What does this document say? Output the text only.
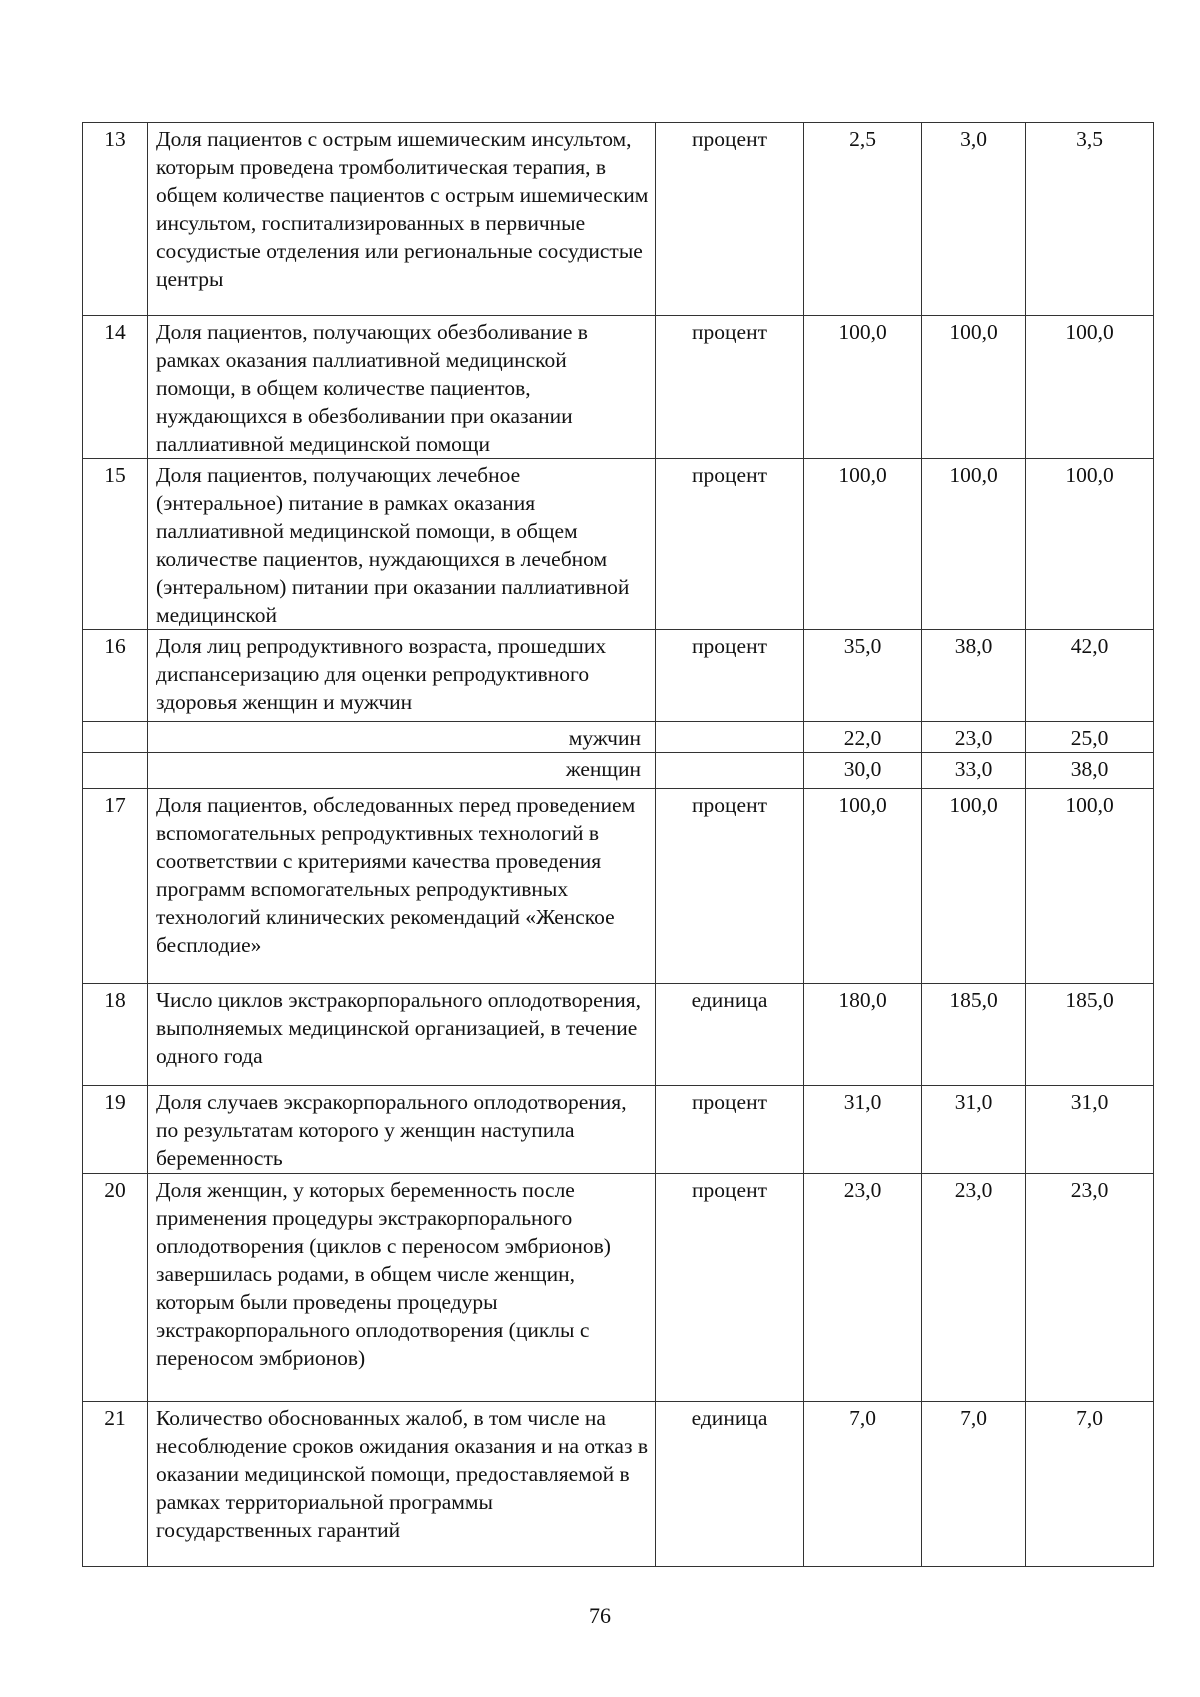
13	Доля пациентов с острым ишемическим инсультом, которым проведена тромболитическая терапия, в общем количестве пациентов с острым ишемическим инсультом, госпитализированных в первичные сосудистые отделения или региональные сосудистые центры	процент	2,5	3,0	3,5
14	Доля пациентов, получающих обезболивание в рамках оказания паллиативной медицинской помощи, в общем количестве пациентов, нуждающихся в обезболивании при оказании паллиативной медицинской помощи	процент	100,0	100,0	100,0
15	Доля пациентов, получающих лечебное (энтеральное) питание в рамках оказания паллиативной медицинской помощи, в общем количестве пациентов, нуждающихся в лечебном (энтеральном) питании при оказании паллиативной медицинской	процент	100,0	100,0	100,0
16	Доля лиц репродуктивного возраста, прошедших диспансеризацию для оценки репродуктивного здоровья женщин и мужчин	процент	35,0	38,0	42,0
	мужчин		22,0	23,0	25,0
	женщин		30,0	33,0	38,0
17	Доля пациентов, обследованных перед проведением вспомогательных репродуктивных технологий в соответствии с критериями качества проведения программ вспомогательных репродуктивных технологий клинических рекомендаций «Женское бесплодие»	процент	100,0	100,0	100,0
18	Число циклов экстракорпорального оплодотворения, выполняемых медицинской организацией, в течение одного года	единица	180,0	185,0	185,0
19	Доля случаев эксракорпорального оплодотворения, по результатам которого у женщин наступила беременность	процент	31,0	31,0	31,0
20	Доля женщин, у которых беременность после применения процедуры экстракорпорального оплодотворения (циклов с переносом эмбрионов) завершилась родами, в общем числе женщин, которым были проведены процедуры экстракорпорального оплодотворения (циклы с переносом эмбрионов)	процент	23,0	23,0	23,0
21	Количество обоснованных жалоб, в том числе на несоблюдение сроков ожидания оказания и на отказ в оказании медицинской помощи, предоставляемой в рамках территориальной программы государственных гарантий	единица	7,0	7,0	7,0
76
